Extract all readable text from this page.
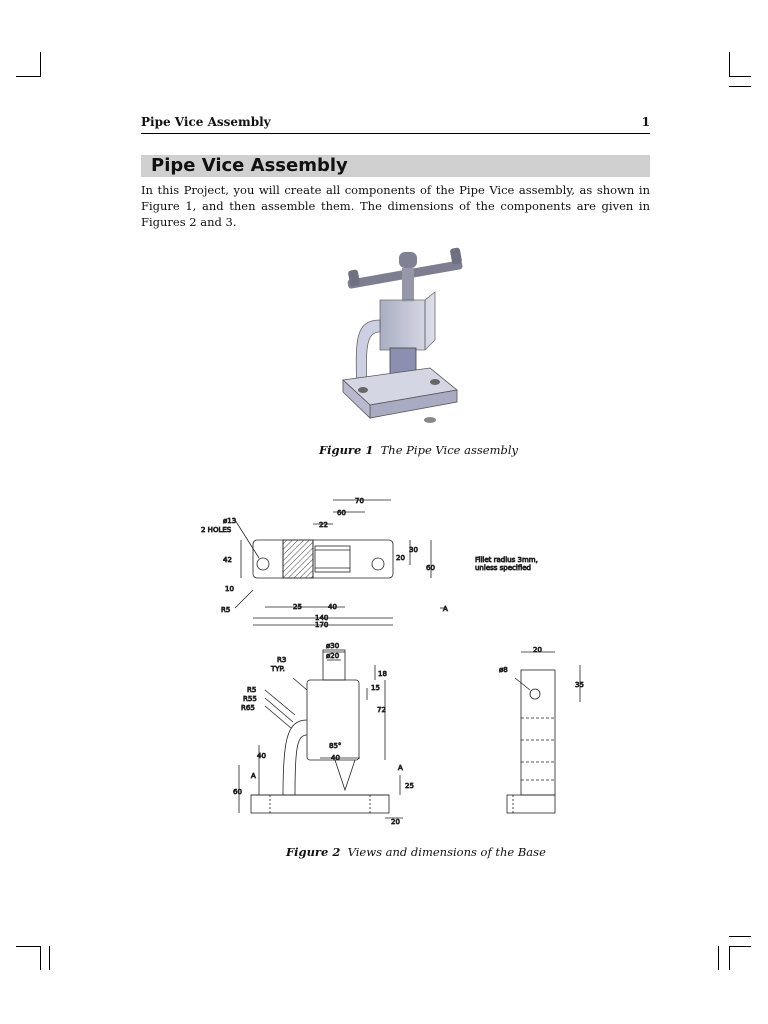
Pipe Vice Assembly	1
Pipe Vice Assembly

In this Project, you will create all components of the Pipe Vice assembly, as shown in Figure 1, and then assemble them. The dimensions of the components are given in Figures 2 and 3.

Figure 1 The Pipe Vice assembly
ø13
2 HOLES
70
60
22
42
10
R5
30
20
60
25	40
140
170
A
Fillet radius 3mm,
unless specified
ø30
ø20
R3
TYP.
R5
R55
R65
18
15
72
85°
40
40
A
A
60
25
20
20
ø8
35
Figure 2 Views and dimensions of the Base
